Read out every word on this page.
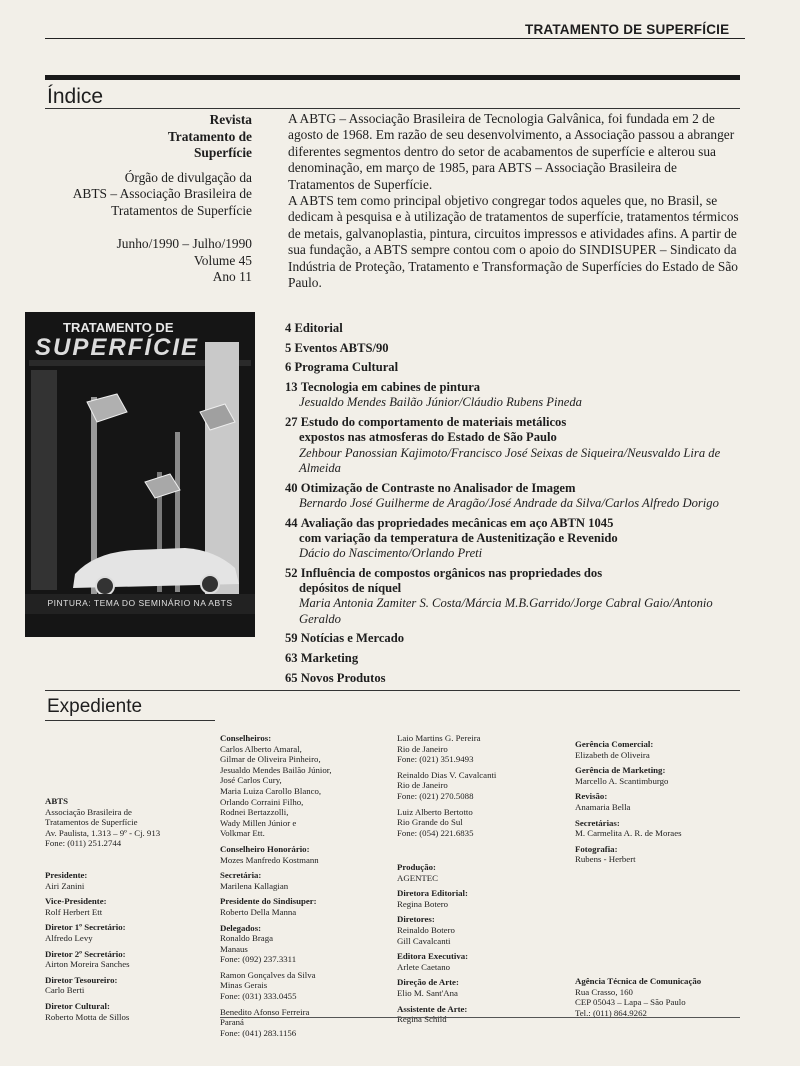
TRATAMENTO DE SUPERFÍCIE
Índice
Revista
Tratamento de
Superfície
Órgão de divulgação da
ABTS – Associação Brasileira de
Tratamentos de Superfície
Junho/1990 – Julho/1990
Volume 45
Ano 11

A ABTG – Associação Brasileira de Tecnologia Galvânica, foi fundada em 2 de agosto de 1968. Em razão de seu desenvolvimento, a Associação passou a abranger diferentes segmentos dentro do setor de acabamentos de superfície e alterou sua denominação, em março de 1985, para ABTS – Associação Brasileira de Tratamentos de Superfície.

A ABTS tem como principal objetivo congregar todos aqueles que, no Brasil, se dedicam à pesquisa e à utilização de tratamentos de superfície, tratamentos térmicos de metais, galvanoplastia, pintura, circuitos impressos e atividades afins. A partir de sua fundação, a ABTS sempre contou com o apoio do SINDISUPER – Sindicato da Indústria de Proteção, Tratamento e Transformação de Superfícies do Estado de São Paulo.

TRATAMENTO DE
SUPERFÍCIE
PINTURA: TEMA DO SEMINÁRIO NA ABTS
4 Editorial
5 Eventos ABTS/90
6 Programa Cultural
13 Tecnologia em cabines de pintura
Jesualdo Mendes Bailão Júnior/Cláudio Rubens Pineda
27 Estudo do comportamento de materiais metálicos
expostos nas atmosferas do Estado de São Paulo
Zehbour Panossian Kajimoto/Francisco José Seixas de Siqueira/Neusvaldo Lira de Almeida
40 Otimização de Contraste no Analisador de Imagem
Bernardo José Guilherme de Aragão/José Andrade da Silva/Carlos Alfredo Dorigo
44 Avaliação das propriedades mecânicas em aço ABTN 1045
com variação da temperatura de Austenitização e Revenido
Dácio do Nascimento/Orlando Preti
52 Influência de compostos orgânicos nas propriedades dos
depósitos de níquel
Maria Antonia Zamiter S. Costa/Márcia M.B.Garrido/Jorge Cabral Gaio/Antonio Geraldo
59 Notícias e Mercado
63 Marketing
65 Novos Produtos
Expediente
ABTS
Associação Brasileira de
Tratamentos de Superfície
Av. Paulista, 1.313 – 9º - Cj. 913
Fone: (011) 251.2744
Presidente:
Airi Zanini
Vice-Presidente:
Rolf Herbert Ett
Diretor 1º Secretário:
Alfredo Levy
Diretor 2º Secretário:
Airton Moreira Sanches
Diretor Tesoureiro:
Carlo Berti
Diretor Cultural:
Roberto Motta de Sillos
Conselheiros:
Carlos Alberto Amaral,
Gilmar de Oliveira Pinheiro,
Jesualdo Mendes Bailão Júnior,
José Carlos Cury,
Maria Luiza Carollo Blanco,
Orlando Corraini Filho,
Rodnei Bertazzolli,
Wady Millen Júnior e
Volkmar Ett.
Conselheiro Honorário:
Mozes Manfredo Kostmann
Secretária:
Marilena Kallagian
Presidente do Sindisuper:
Roberto Della Manna
Delegados:
Ronaldo Braga
Manaus
Fone: (092) 237.3311
Ramon Gonçalves da Silva
Minas Gerais
Fone: (031) 333.0455
Benedito Afonso Ferreira
Paraná
Fone: (041) 283.1156
Laio Martins G. Pereira
Rio de Janeiro
Fone: (021) 351.9493
Reinaldo Dias V. Cavalcanti
Rio de Janeiro
Fone: (021) 270.5088
Luiz Alberto Bertotto
Rio Grande do Sul
Fone: (054) 221.6835
Produção:
AGENTEC
Diretora Editorial:
Regina Botero
Diretores:
Reinaldo Botero
Gill Cavalcanti
Editora Executiva:
Arlete Caetano
Direção de Arte:
Elio M. Sant'Ana
Assistente de Arte:
Regina Schild
Gerência Comercial:
Elizabeth de Oliveira
Gerência de Marketing:
Marcello A. Scantimburgo
Revisão:
Anamaria Bella
Secretárias:
M. Carmelita A. R. de Moraes
Fotografia:
Rubens - Herbert
Agência Técnica de Comunicação
Rua Crasso, 160
CEP 05043 – Lapa – São Paulo
Tel.: (011) 864.9262
